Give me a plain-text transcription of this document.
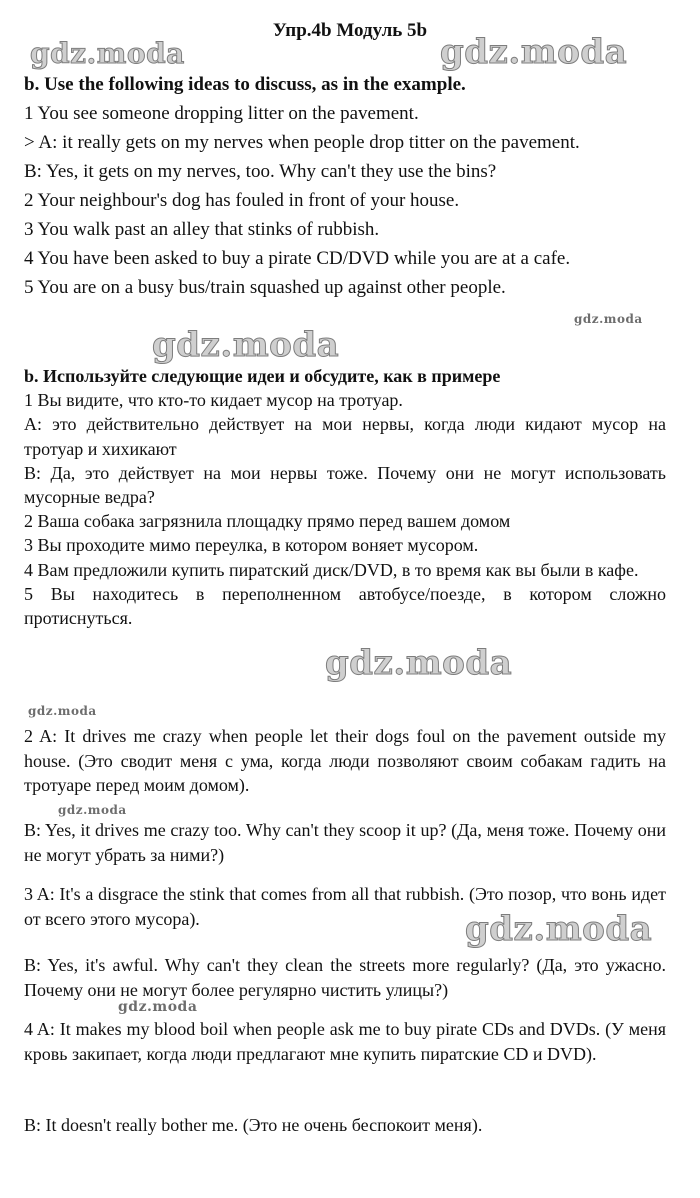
Упр.4b Модуль 5b

b. Use the following ideas to discuss, as in the example.

1 You see someone dropping litter on the pavement.

> A: it really gets on my nerves when people drop titter on the pavement.

B: Yes, it gets on my nerves, too. Why can't they use the bins?

2 Your neighbour's dog has fouled in front of your house.

3 You walk past an alley that stinks of rubbish.

4 You have been asked to buy a pirate CD/DVD while you are at a cafe.

5 You are on a busy bus/train squashed up against other people.

b. Используйте следующие идеи и обсудите, как в примере

1 Вы видите, что кто-то кидает мусор на тротуар.

A: это действительно действует на мои нервы, когда люди кидают мусор на тротуар и хихикают

B: Да, это действует на мои нервы тоже. Почему они не могут использовать мусорные ведра?

2 Ваша собака загрязнила площадку прямо перед вашем домом

3 Вы проходите мимо переулка, в котором воняет мусором.

4 Вам предложили купить пиратский диск/DVD, в то время как вы были в кафе.

5 Вы находитесь в переполненном автобусе/поезде, в котором сложно протиснуться.

2 A: It drives me crazy when people let their dogs foul on the pavement outside my house. (Это сводит меня с ума, когда люди позволяют своим собакам гадить на тротуаре перед моим домом).

B: Yes, it drives me crazy too. Why can't they scoop it up? (Да, меня тоже. Почему они не могут убрать за ними?)

3 A: It's a disgrace the stink that comes from all that rubbish. (Это позор, что вонь идет от всего этого мусора).

B: Yes, it's awful. Why can't they clean the streets more regularly? (Да, это ужасно. Почему они не могут более регулярно чистить улицы?)

4 A: It makes my blood boil when people ask me to buy pirate CDs and DVDs. (У меня кровь закипает, когда люди предлагают мне купить пиратские CD и DVD).

B: It doesn't really bother me. (Это не очень беспокоит меня).

gdz.moda	gdz.moda
gdz.moda
gdz.moda
gdz.moda
gdz.moda
gdz.moda
gdz.moda
gdz.moda
